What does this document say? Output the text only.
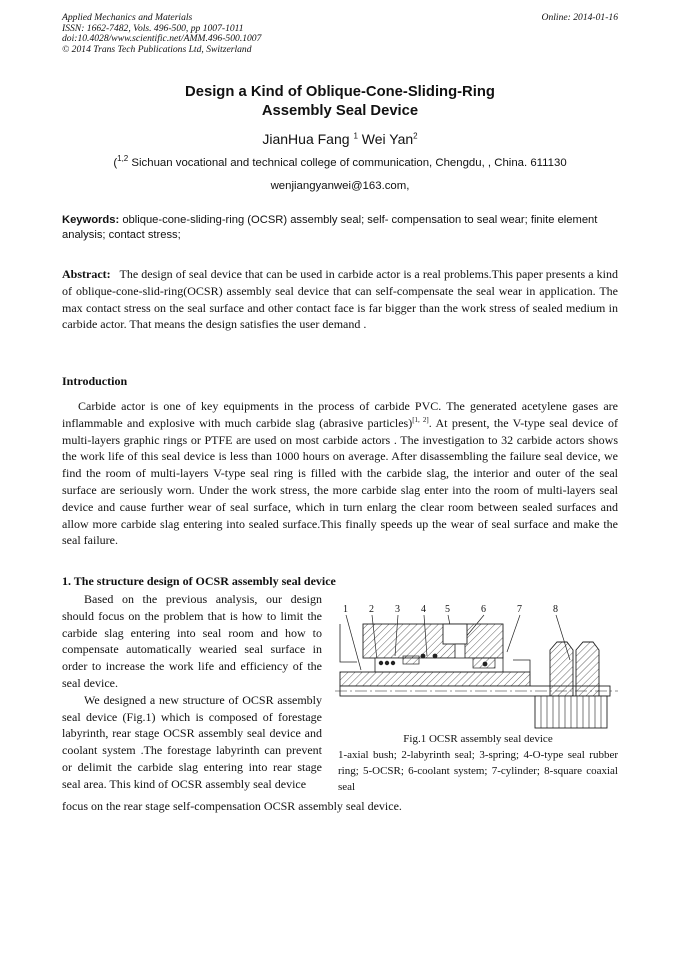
Applied Mechanics and Materials
ISSN: 1662-7482, Vols. 496-500, pp 1007-1011
doi:10.4028/www.scientific.net/AMM.496-500.1007
© 2014 Trans Tech Publications Ltd, Switzerland
Online: 2014-01-16
Design a Kind of Oblique-Cone-Sliding-Ring
Assembly Seal Device
JianHua Fang $^1$ Wei Yan$^2$
($^{1,2}$ Sichuan vocational and technical college of communication, Chengdu, , China. 611130
wenjiangyanwei@163.com,
Keywords: oblique-cone-sliding-ring (OCSR) assembly seal; self- compensation to seal wear; finite element analysis; contact stress;
Abstract: The design of seal device that can be used in carbide actor is a real problems.This paper presents a kind of oblique-cone-slid-ring(OCSR) assembly seal device that can self-compensate the seal wear in application. The max contact stress on the seal surface and other contact face is far bigger than the work stress of sealed medium in carbide actor. That means the design satisfies the user demand .
Introduction
Carbide actor is one of key equipments in the process of carbide PVC. The generated acetylene gases are inflammable and explosive with much carbide slag (abrasive particles)[1, 2]. At present, the V-type seal device of multi-layers graphic rings or PTFE are used on most carbide actors . The investigation to 32 carbide actors shows the work life of this seal device is less than 1000 hours on average. After disassembling the failure seal device, we find the room of multi-layers V-type seal ring is filled with the carbide slag, the interior and outer of the seal surface are seriously worn. Under the work stress, the more carbide slag enter into the room of multi-layers seal device and cause further wear of seal surface, which in turn enlarg the clear room between sealed surfaces and allow more carbide slag entering into sealed surface.This finally speeds up the wear of seal surface and make the seal failure.
1. The structure design of OCSR assembly seal device

Based on the previous analysis, our design should focus on the problem that is how to limit the carbide slag entering into seal room and how to compensate automatically wearied seal surface in order to increase the work life and efficiency of the seal device.

We designed a new structure of OCSR assembly seal device (Fig.1) which is composed of forestage labyrinth, rear stage OCSR assembly seal device and coolant system .The forestage labyrinth can prevent or delimit the carbide slag entering into rear stage seal area. This kind of OCSR assembly seal device

focus on the rear stage self-compensation OCSR assembly seal device.
1 2 3 4 5	6	7	8
Fig.1 OCSR assembly seal device
1-axial bush; 2-labyrinth seal; 3-spring; 4-O-type seal rubber ring; 5-OCSR; 6-coolant system; 7-cylinder; 8-square coaxial seal
